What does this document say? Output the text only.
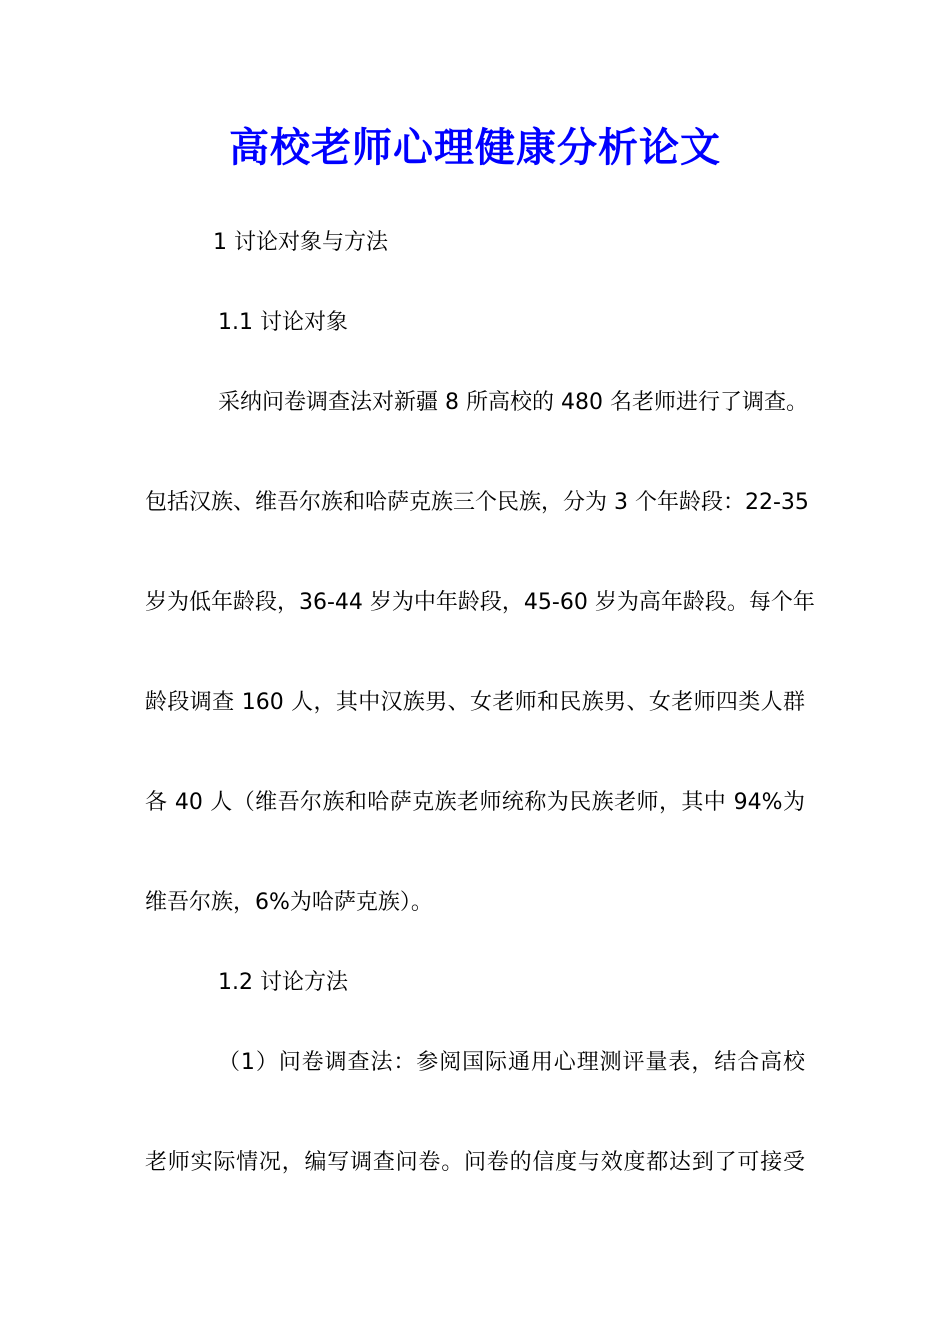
高校老师心理健康分析论文

1 讨论对象与方法

1.1 讨论对象

采纳问卷调查法对新疆 8 所高校的 480 名老师进行了调查。

包括汉族、维吾尔族和哈萨克族三个民族，分为 3 个年龄段：22-35

岁为低年龄段，36-44 岁为中年龄段，45-60 岁为高年龄段。每个年

龄段调查 160 人，其中汉族男、女老师和民族男、女老师四类人群

各 40 人（维吾尔族和哈萨克族老师统称为民族老师，其中 94%为

维吾尔族，6%为哈萨克族）。

1.2 讨论方法

（1）问卷调查法：参阅国际通用心理测评量表，结合高校

老师实际情况，编写调查问卷。问卷的信度与效度都达到了可接受
